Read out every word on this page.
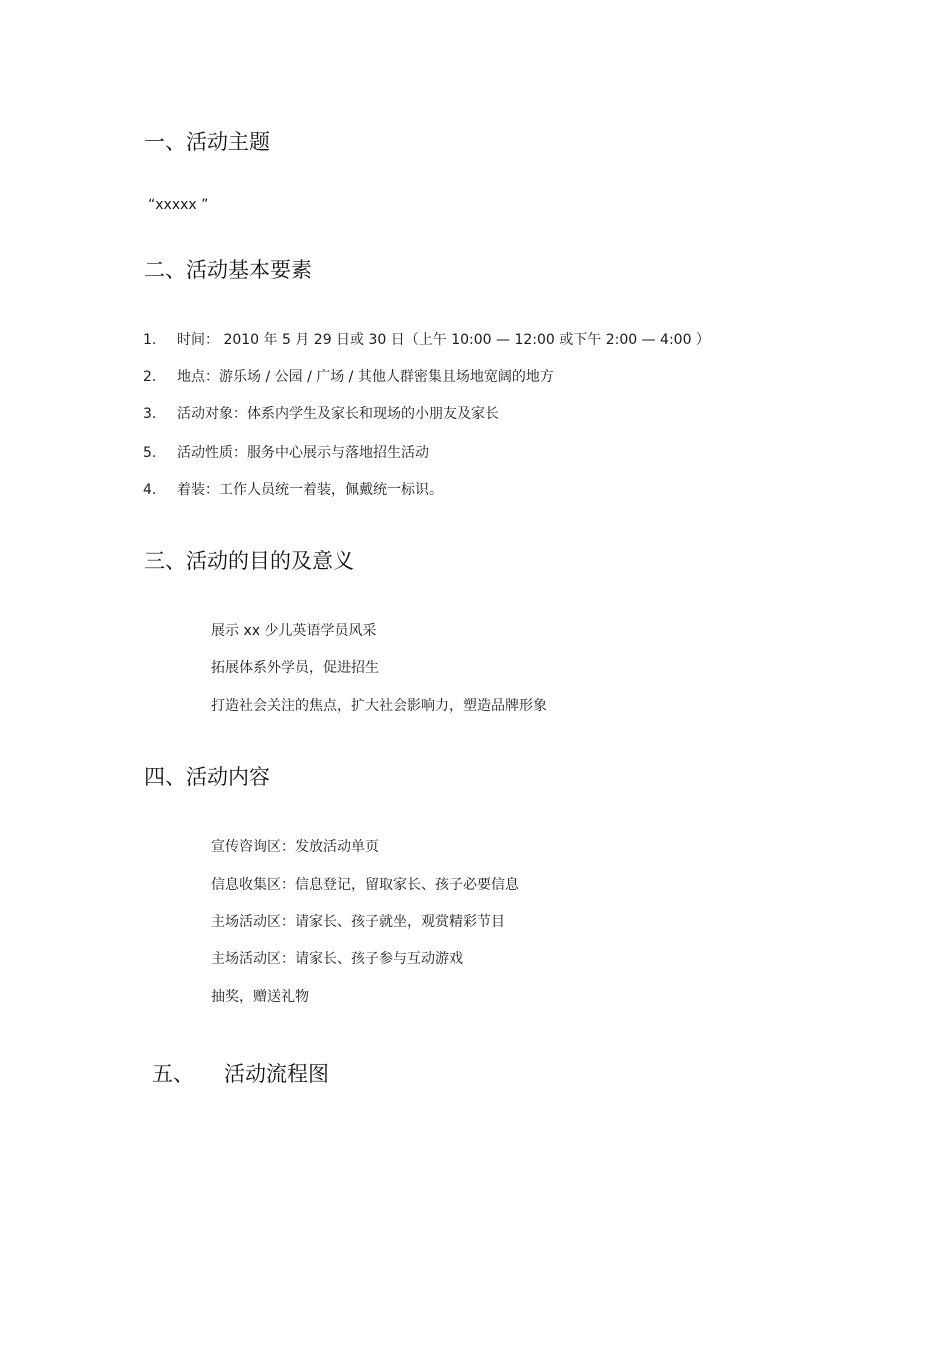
一、活动主题
“xxxxx ”
二、活动基本要素
1. 时间： 2010 年 5 月 29 日或 30 日（上午 10:00 — 12:00 或下午 2:00 — 4:00 ）
2. 地点：游乐场 / 公园 / 广场 / 其他人群密集且场地宽阔的地方
3. 活动对象：体系内学生及家长和现场的小朋友及家长
5. 活动性质：服务中心展示与落地招生活动
4. 着装：工作人员统一着装，佩戴统一标识。
三、活动的目的及意义
展示 xx 少儿英语学员风采
拓展体系外学员，促进招生
打造社会关注的焦点，扩大社会影响力，塑造品牌形象
四、活动内容
宣传咨询区：发放活动单页
信息收集区：信息登记，留取家长、孩子必要信息
主场活动区：请家长、孩子就坐，观赏精彩节目
主场活动区：请家长、孩子参与互动游戏
抽奖，赠送礼物
五、 活动流程图
